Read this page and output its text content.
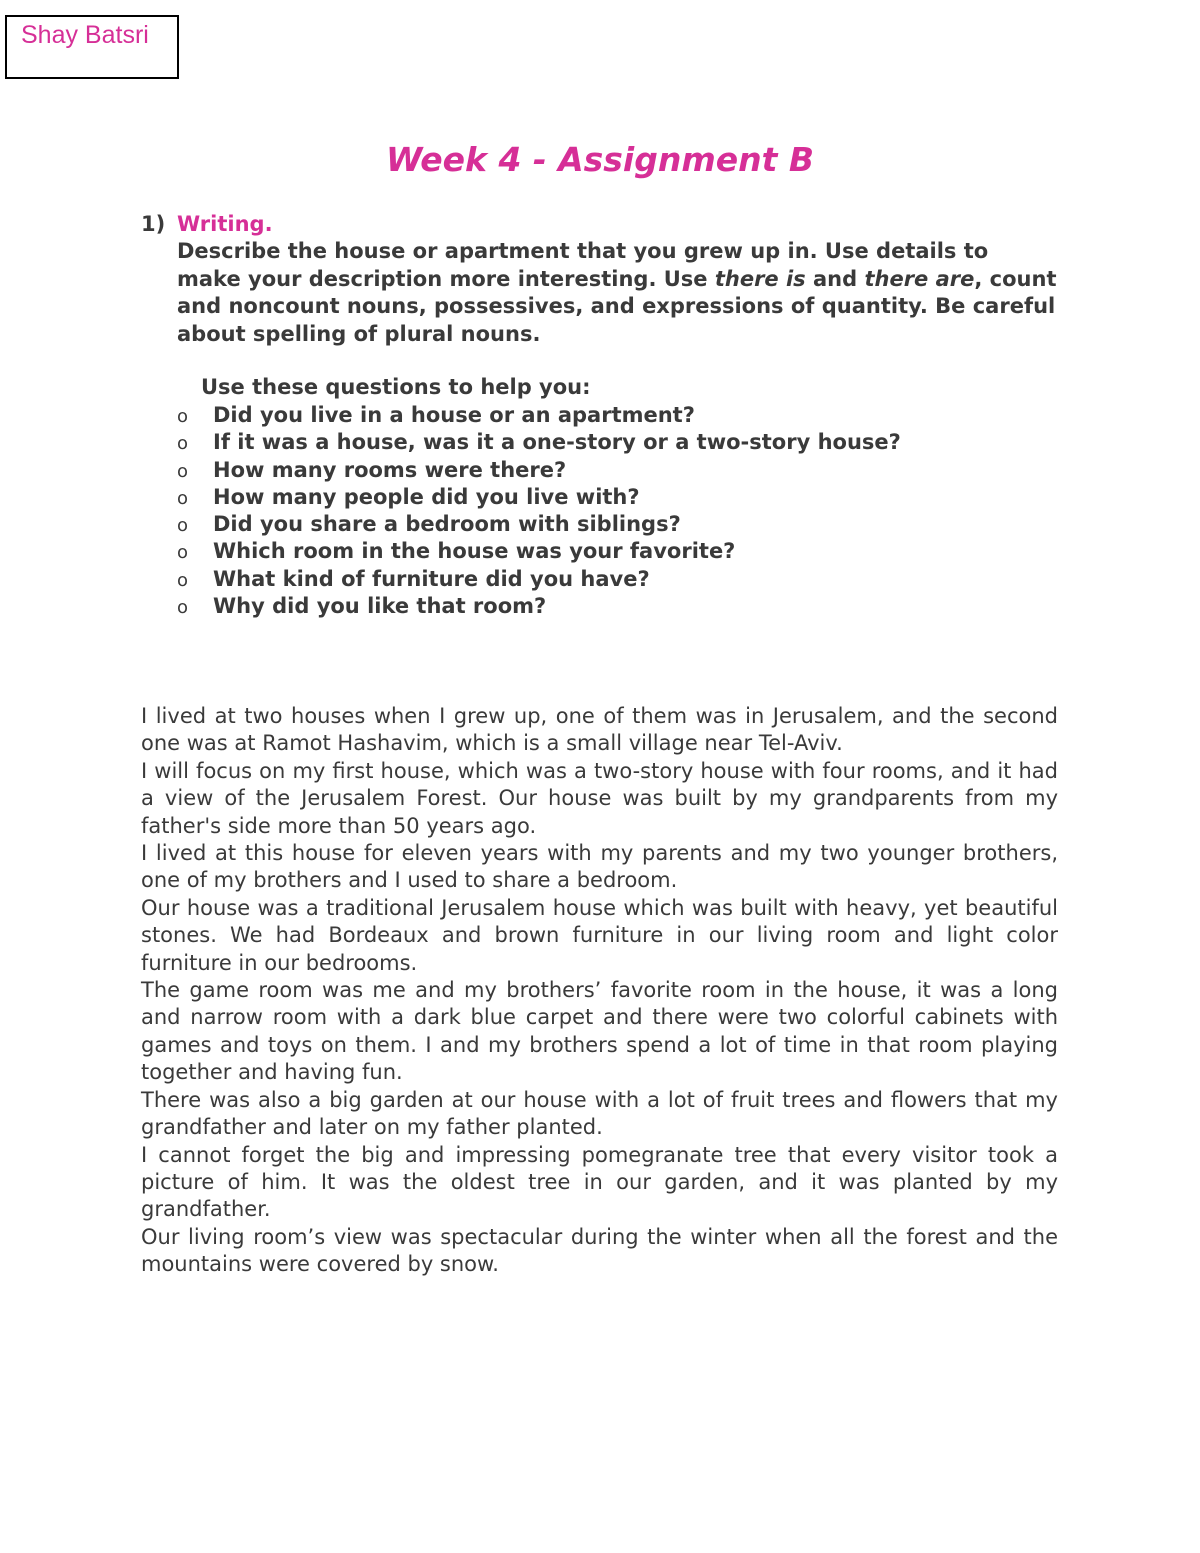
Shay Batsri
Week 4 - Assignment B
1) Writing.

Describe the house or apartment that you grew up in. Use details to make your description more interesting. Use there is and there are, count and noncount nouns, possessives, and expressions of quantity. Be careful about spelling of plural nouns.

Use these questions to help you:

o Did you live in a house or an apartment?
o If it was a house, was it a one-story or a two-story house?
o How many rooms were there?
o How many people did you live with?
o Did you share a bedroom with siblings?
o Which room in the house was your favorite?
o What kind of furniture did you have?
o Why did you like that room?

I lived at two houses when I grew up, one of them was in Jerusalem, and the second one was at Ramot Hashavim, which is a small village near Tel-Aviv.

I will focus on my first house, which was a two-story house with four rooms, and it had a view of the Jerusalem Forest. Our house was built by my grandparents from my father's side more than 50 years ago.

I lived at this house for eleven years with my parents and my two younger brothers, one of my brothers and I used to share a bedroom.

Our house was a traditional Jerusalem house which was built with heavy, yet beautiful stones. We had Bordeaux and brown furniture in our living room and light color furniture in our bedrooms.

The game room was me and my brothers’ favorite room in the house, it was a long and narrow room with a dark blue carpet and there were two colorful cabinets with games and toys on them. I and my brothers spend a lot of time in that room playing together and having fun.

There was also a big garden at our house with a lot of fruit trees and flowers that my grandfather and later on my father planted.

I cannot forget the big and impressing pomegranate tree that every visitor took a picture of him. It was the oldest tree in our garden, and it was planted by my grandfather.

Our living room’s view was spectacular during the winter when all the forest and the mountains were covered by snow.
